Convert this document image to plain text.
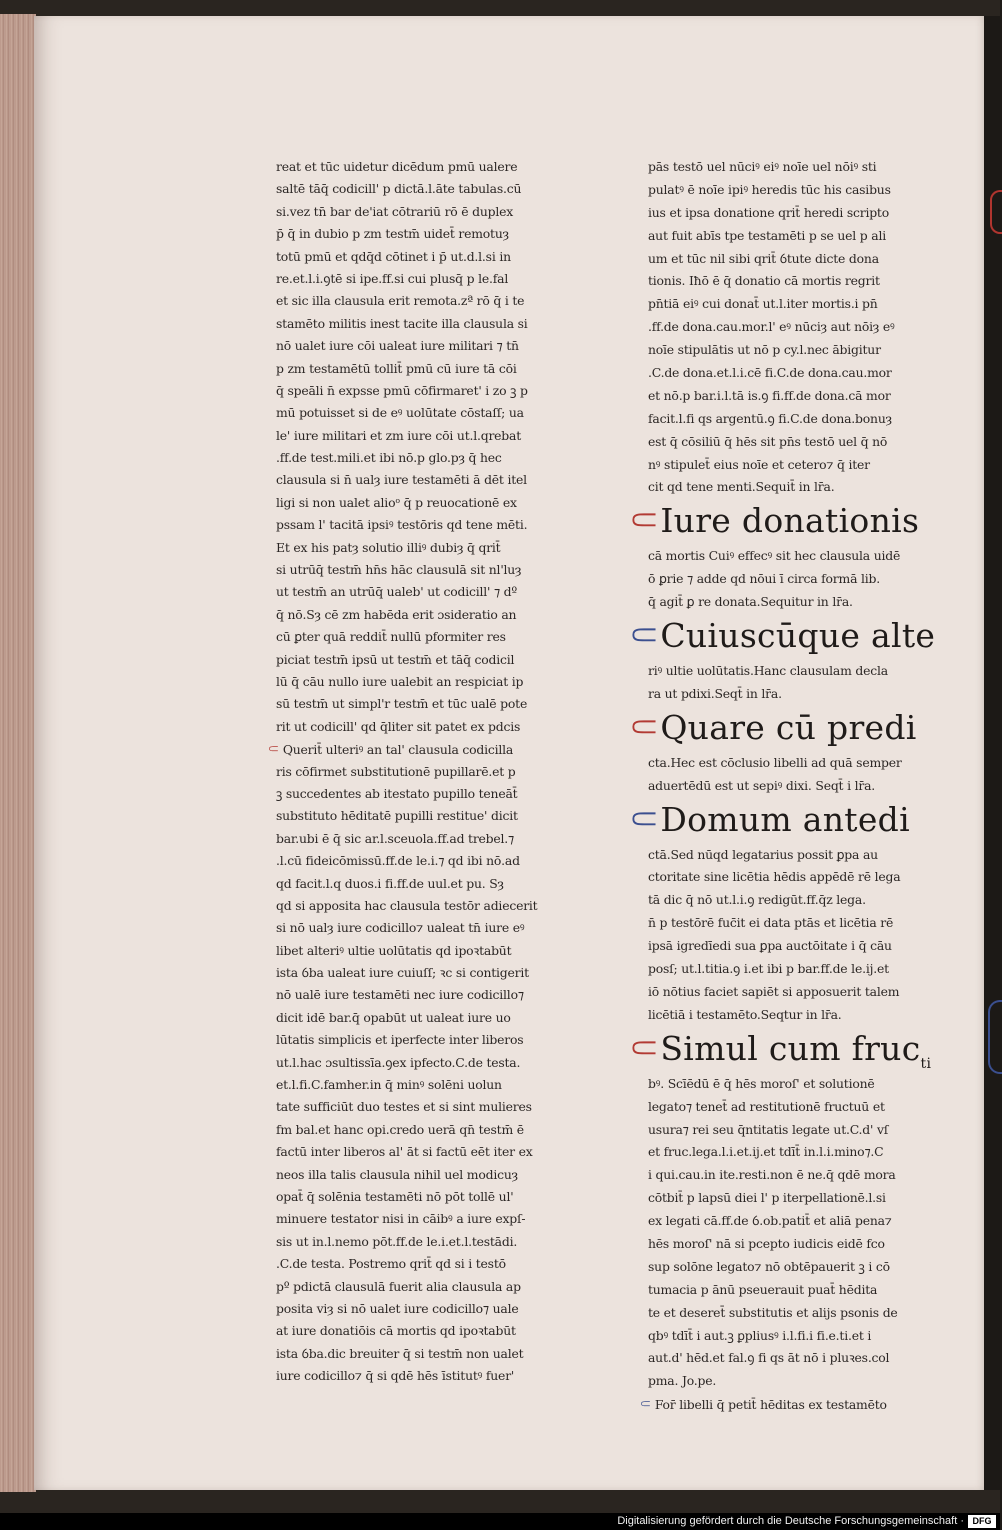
reat et tūc uidetur dicēdum pmū ualere
saltē tāq̄ codicill' p dictā.l.āte tabulas.cū
si.vez tn̄ bar de'iat cōtrariū rō ē duplex
p̄ q̄ in dubio p zm testm̄ uidet̄ remotuȝ
totū pmū et qdq̄d cōtinet i p̄ ut.d.l.si in
re.et.l.i.ꝯtē si ipe.ff.si cui plusq̄ p le.fal
et sic illa clausula erit remota.zª rō q̄ i te
stamēto militis inest tacite illa clausula si
nō ualet iure cōi ualeat iure militari ⁊ tn̄
p zm testamētū tollit̄ pmū cū iure tā cōi
q̄ speāli n̄ expsse pmū cōfirmaret' i zo ꝫ p
mū potuisset si de eꝰ uolūtate cōstaſſ; ua
le' iure militari et zm iure cōi ut.l.qrebat
.ff.de test.mili.et ibi nō.p glo.pȝ q̄ hec
clausula si n̄ ualȝ iure testamēti ā dēt itel
ligi si non ualet alioᵒ q̄ p reuocationē ex
pssam l' tacitā ipsiꝰ testōris qd tene mēti.
Et ex his patȝ solutio illiꝰ dubiȝ q̄ qrit̄
si utrūq̄ testm̄ hn̄s hāc clausulā sit nl'luȝ
ut testm̄ an utrūq̄ ualeb' ut codicill' ⁊ dº
q̄ nō.Sȝ cē zm habēda erit ɔsideratio an
cū ꝑter quā reddit̄ nullū pformiter res
piciat testm̄ ipsū ut testm̄ et tāq̄ codicil
lū q̄ cāu nullo iure ualebit an respiciat ip
sū testm̄ ut simpl'r testm̄ et tūc ualē pote
rit ut codicill' qd q̄liter sit patet ex pdcis
⸦ Querit̄ ulteriꝰ an tal' clausula codicilla
ris cōfirmet substitutionē pupillarē.et p
ꝫ succedentes ab itestato pupillo teneāt̄
substituto hēditatē pupilli restitue' dicit
bar.ubi ē q̄ sic ar.l.sceuola.ff.ad trebel.⁊
.l.cū fideicōmissū.ff.de le.i.⁊ qd ibi nō.ad
qd facit.l.q duos.i fi.ff.de uul.et pu. Sȝ
qd si apposita hac clausula testōr adiecerit
si nō ualȝ iure codicillo⁊ ualeat tn̄ iure eꝰ
libet alteriꝰ ultie uolūtatis qd ipoꝛtabūt
ista ỽba ualeat iure cuiuſſ; ꝛc si contigerit
nō ualē iure testamēti nec iure codicillo⁊
dicit idē bar.q̄ opabūt ut ualeat iure uo
lūtatis simplicis et iperfecte inter liberos
ut.l.hac ɔsultissīa.ꝯex ipfecto.C.de testa.
et.l.fi.C.famher.in q̄ minꝰ solēni uolun
tate sufficiūt duo testes et si sint mulieres
fm bal.et hanc opi.credo uerā qn̄ testm̄ ē
factū inter liberos al' āt si factū eēt iter ex
neos illa talis clausula nihil uel modicuȝ
opat̄ q̄ solēnia testamēti nō pōt tollē ul'
minuere testator nisi in cāibꝰ a iure expſ-
sis ut in.l.nemo pōt.ff.de le.i.et.l.testādi.
.C.de testa. Postremo qrit̄ qd si i testō
pº pdictā clausulā fuerit alia clausula ap
posita viȝ si nō ualet iure codicillo⁊ uale
at iure donatiōis cā mortis qd ipoꝛtabūt
ista ỽba.dic breuiter q̄ si testm̄ non ualet
iure codicillo⁊ q̄ si qdē hēs īstitutꝰ fuer'
pās testō uel nūciꝰ eiꝰ noīe uel nōiꝰ sti
pulatꝰ ē noīe ipiꝰ heredis tūc his casibus
ius et ipsa donatione qrit̄ heredi scripto
aut fuit abīs tpe testamēti p se uel p ali
um et tūc nil sibi qrit̄ ỽtute dicte dona
tionis. Iħō ē q̄ donatio cā mortis regrit
pn̄tiā eiꝰ cui donat̄ ut.l.iter mortis.i pn̄
.ff.de dona.cau.mor.l' eꝰ nūciȝ aut nōiȝ eꝰ
noīe stipulātis ut nō p cy.l.nec ābigitur
.C.de dona.et.l.i.cē fi.C.de dona.cau.mor
et nō.p bar.i.l.tā is.ꝯ fi.ff.de dona.cā mor
facit.l.fi qs argentū.ꝯ fi.C.de dona.bonuȝ
est q̄ cōsiliū q̄ hēs sit pn̄s testō uel q̄ nō
nꝰ stipulet̄ eius noīe et cetero⁊ q̄ iter
cit qd tene menti.Sequit̄ in lr̄a.
⸦Iure donationis
cā mortis Cuiꝰ effecꝰ sit hec clausula uidē
ō ꝑrie ⁊ adde qd nōui ī circa formā lib.
q̄ agit̄ ꝑ re donata.Sequitur in lr̄a.
⸦Cuiuscūque alte
riꝰ ultie uolūtatis.Hanc clausulam decla
ra ut pdixi.Seqt̄ in lr̄a.
⸦Quare cū predi
cta.Hec est cōclusio libelli ad quā semper
aduertēdū est ut sepiꝰ dixi. Seqt̄ i lr̄a.
⸦Domum antedi
ctā.Sed nūqd legatarius possit ꝑpa au
ctoritate sine licētia hēdis appēdē rē lega
tā dic q̄ nō ut.l.i.ꝯ redigūt.ff.q̄z lega.
n̄ p testōrē fuc̄it ei data ptās et licētia rē
ipsā igredīedi sua ꝑpa auctōitate i q̄ cāu
posſ; ut.l.titia.ꝯ i.et ibi p bar.ff.de le.ij.et
iō nōtius faciet sapiēt si apposuerit talem
licētiā i testamēto.Seqtur in lr̄a.
⸦Simul cum fruc$_{ti}$
bꝰ. Scīēdū ē q̄ hēs moroſ' et solutionē
legato⁊ tenet̄ ad restitutionē fructuū et
usura⁊ rei seu q̄ntitatis legate ut.C.d' vſ
et fruc.lega.l.i.et.ij.et tdīt̄ in.l.i.mino⁊.C
i qui.cau.in ite.resti.non ē ne.q̄ qdē mora
cōtbit̄ p lapsū diei l' p iterpellationē.l.si
ex legati cā.ff.de ỽ.ob.patit̄ et aliā pena⁊
hēs moroſ' nā si pcepto iudicis eidē fco
sup solōne legato⁊ nō obtēpauerit ꝫ i cō
tumacia p ānū pseuerauit puat̄ hēdita
te et deseret̄ substitutis et alijs psonis de
qbꝰ tdīt̄ i aut.ꝫ ꝑpliusꝰ i.l.fi.i fi.e.ti.et i
aut.d' hēd.et fal.ꝯ fi qs āt nō i pluꝛes.col
pma. Jo.pe.
⸦ For̄ libelli q̄ petit̄ hēditas ex testamēto
Digitalisierung gefördert durch die Deutsche Forschungsgemeinschaft · DFG
